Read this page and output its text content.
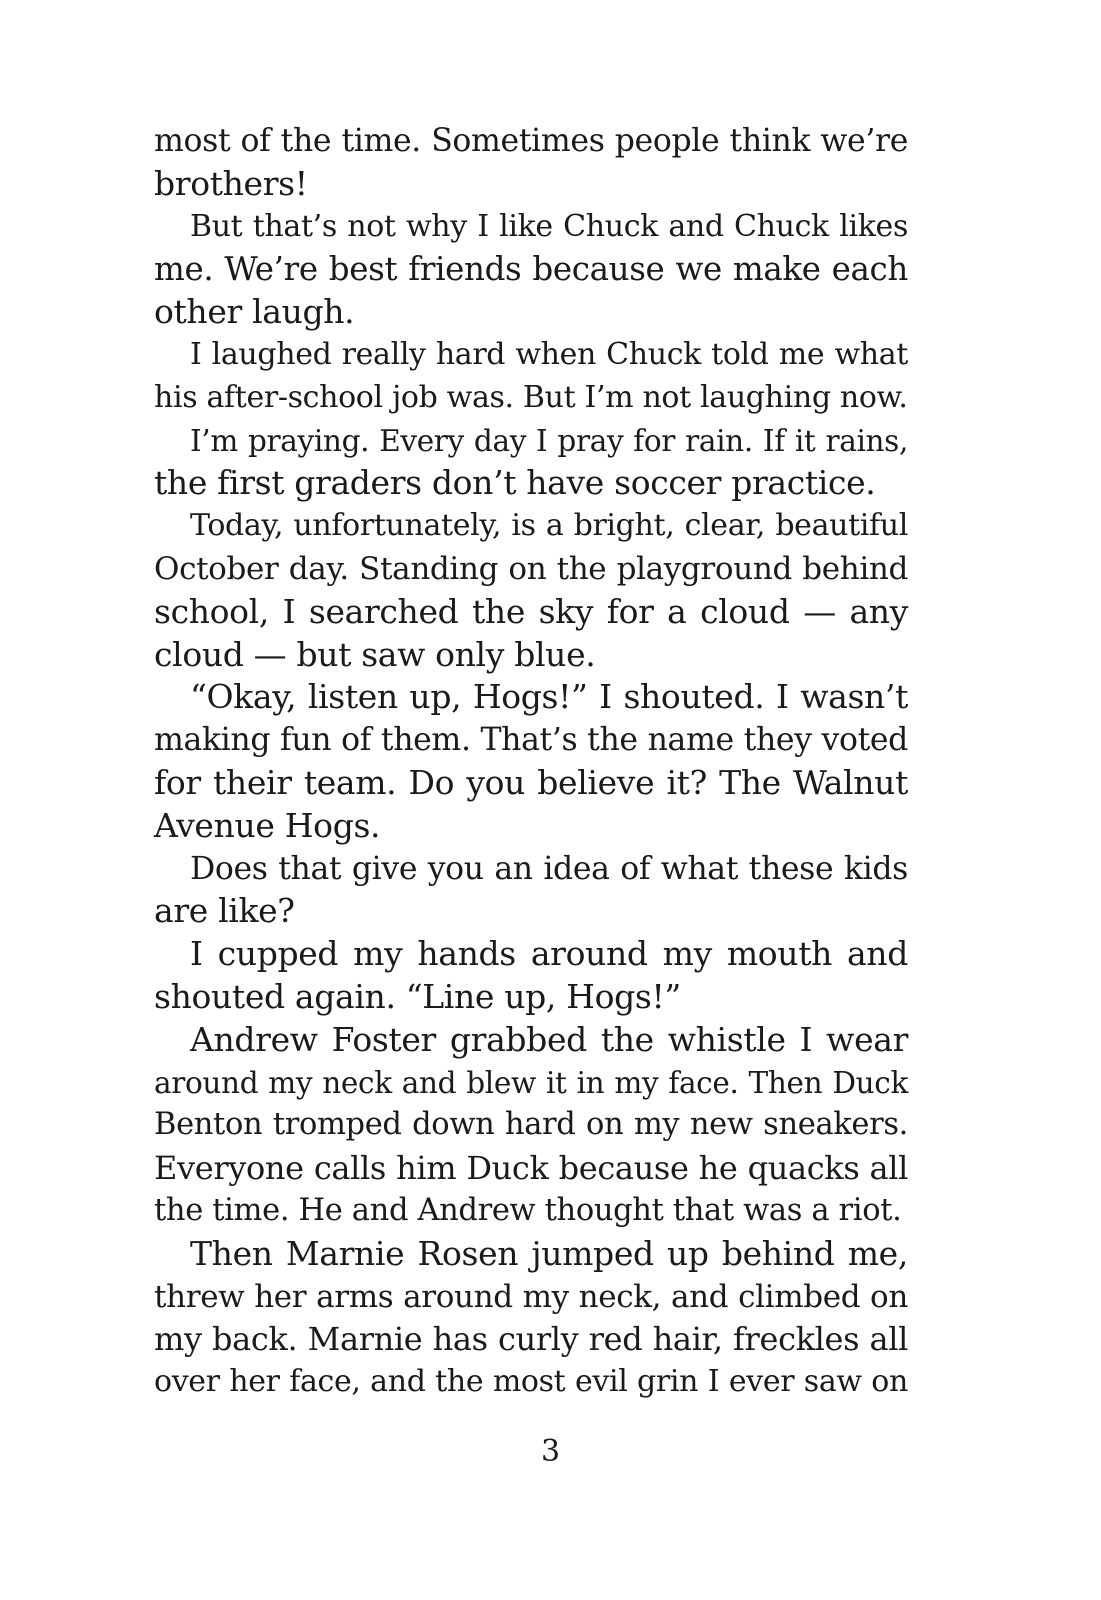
most of the time. Sometimes people think we’re
brothers!
But that’s not why I like Chuck and Chuck likes
me. We’re best friends because we make each
other laugh.
I laughed really hard when Chuck told me what
his after-school job was. But I’m not laughing now.
I’m praying. Every day I pray for rain. If it rains,
the first graders don’t have soccer practice.
Today, unfortunately, is a bright, clear, beautiful
October day. Standing on the playground behind
school, I searched the sky for a cloud — any
cloud — but saw only blue.
“Okay, listen up, Hogs!” I shouted. I wasn’t
making fun of them. That’s the name they voted
for their team. Do you believe it? The Walnut
Avenue Hogs.
Does that give you an idea of what these kids
are like?
I cupped my hands around my mouth and
shouted again. “Line up, Hogs!”
Andrew Foster grabbed the whistle I wear
around my neck and blew it in my face. Then Duck
Benton tromped down hard on my new sneakers.
Everyone calls him Duck because he quacks all
the time. He and Andrew thought that was a riot.
Then Marnie Rosen jumped up behind me,
threw her arms around my neck, and climbed on
my back. Marnie has curly red hair, freckles all
over her face, and the most evil grin I ever saw on
3
